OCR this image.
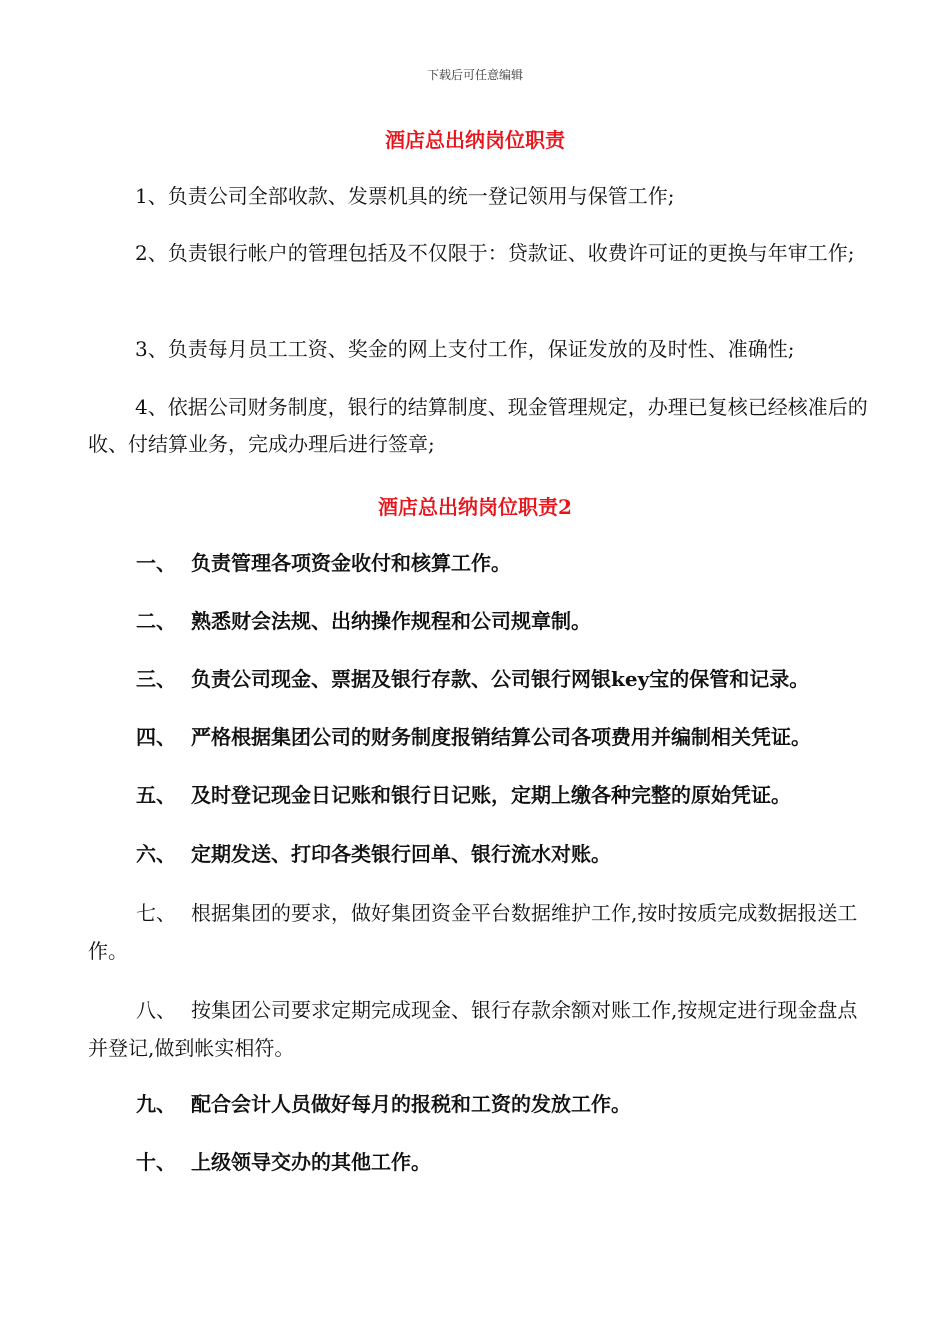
下载后可任意编辑
酒店总出纳岗位职责
1、负责公司全部收款、发票机具的统一登记领用与保管工作;
2、负责银行帐户的管理包括及不仅限于：贷款证、收费许可证的更换与年审工作;
3、负责每月员工工资、奖金的网上支付工作，保证发放的及时性、准确性;
4、依据公司财务制度，银行的结算制度、现金管理规定，办理已复核已经核准后的收、付结算业务，完成办理后进行签章;
酒店总出纳岗位职责2
一、 负责管理各项资金收付和核算工作。
二、 熟悉财会法规、出纳操作规程和公司规章制。
三、 负责公司现金、票据及银行存款、公司银行网银key宝的保管和记录。
四、 严格根据集团公司的财务制度报销结算公司各项费用并编制相关凭证。
五、 及时登记现金日记账和银行日记账，定期上缴各种完整的原始凭证。
六、 定期发送、打印各类银行回单、银行流水对账。
七、 根据集团的要求，做好集团资金平台数据维护工作,按时按质完成数据报送工作。
八、 按集团公司要求定期完成现金、银行存款余额对账工作,按规定进行现金盘点并登记,做到帐实相符。
九、 配合会计人员做好每月的报税和工资的发放工作。
十、 上级领导交办的其他工作。
